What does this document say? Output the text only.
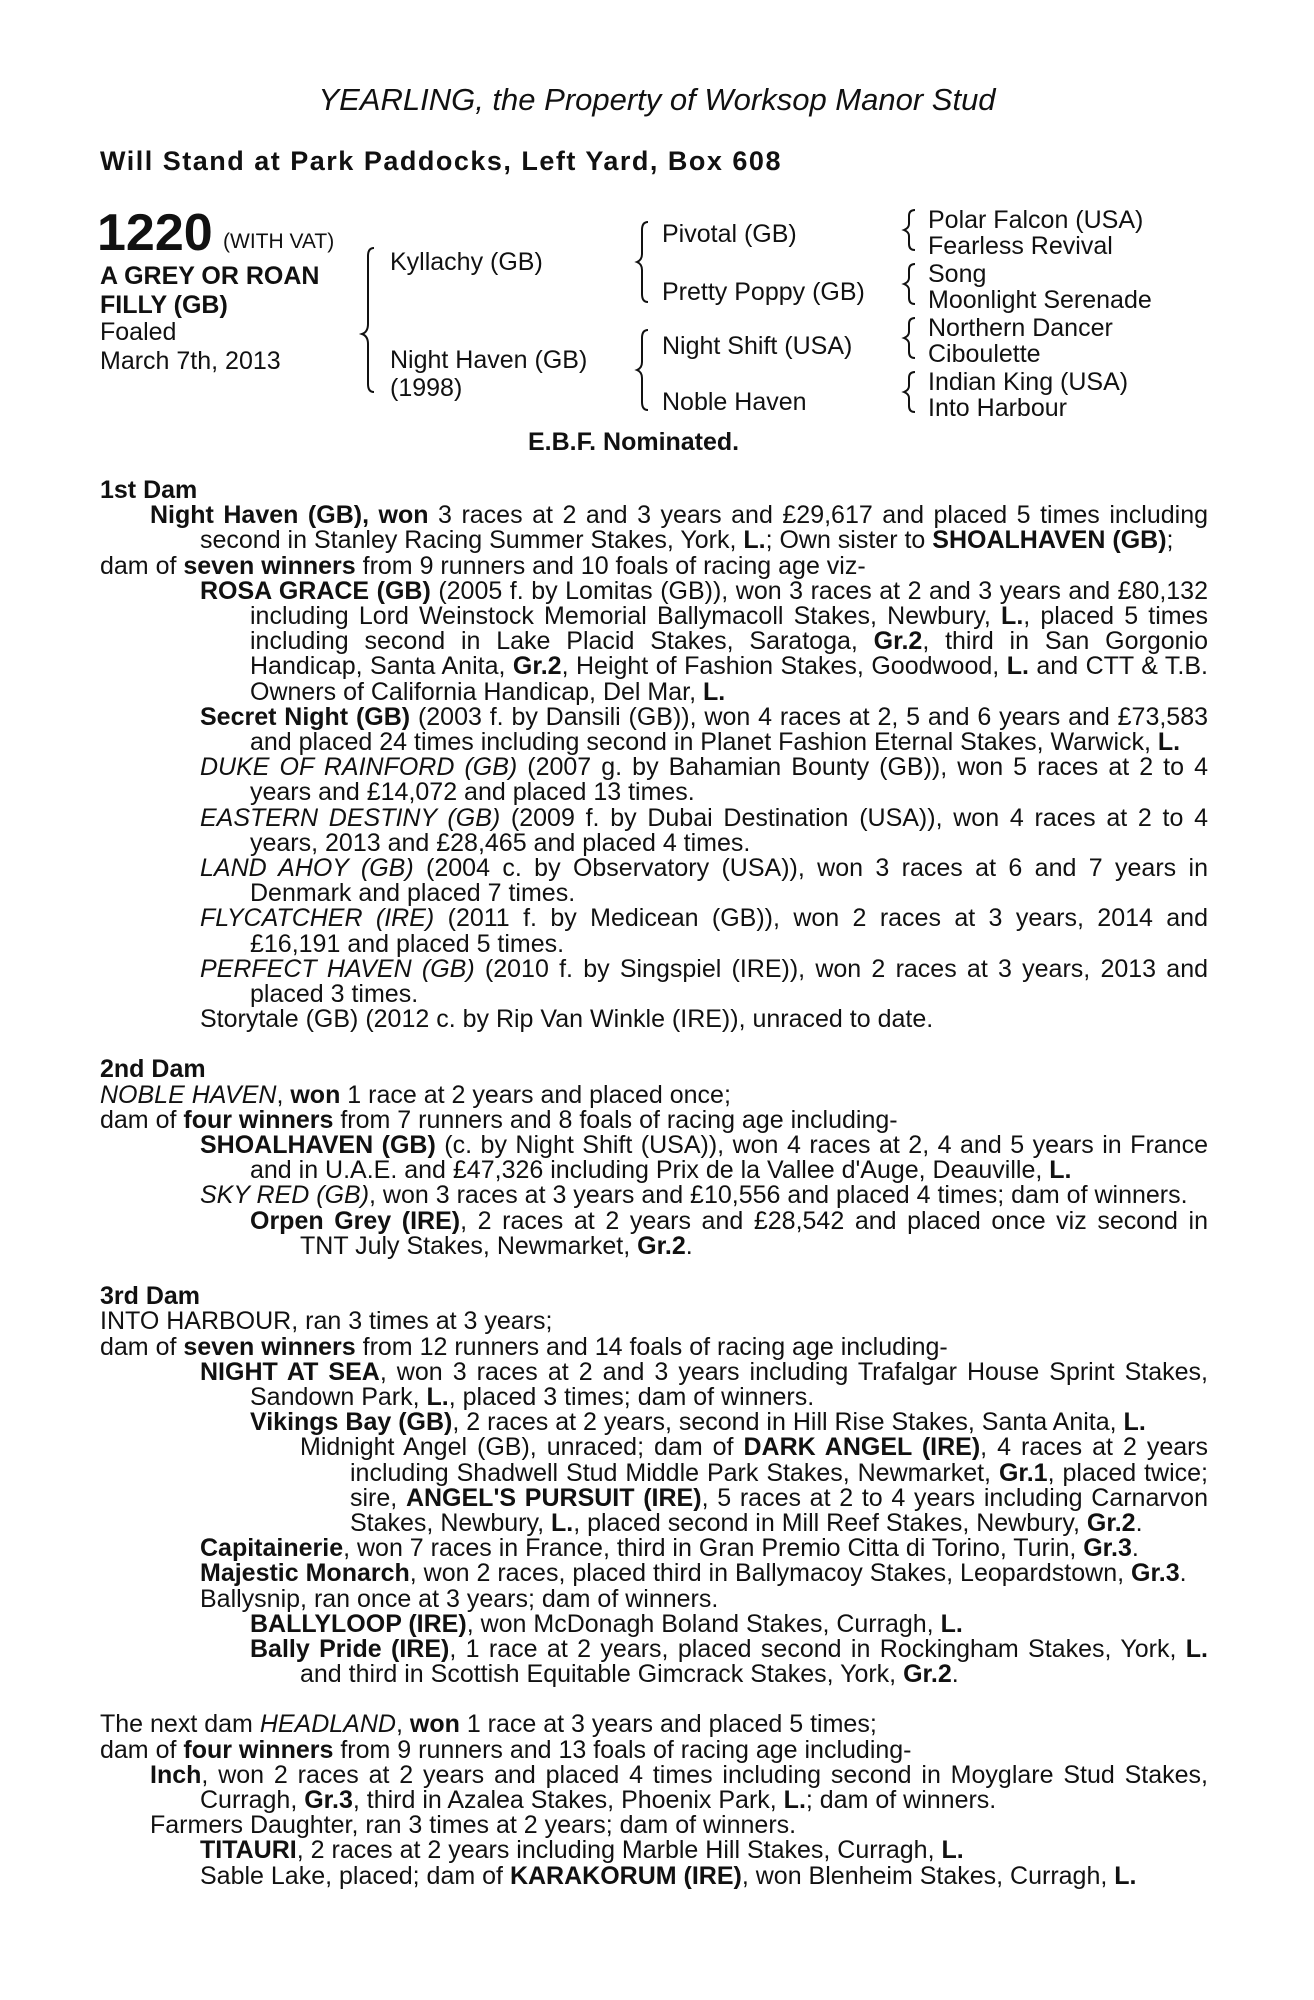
YEARLING, the Property of Worksop Manor Stud
Will Stand at Park Paddocks, Left Yard, Box 608
1220 (WITH VAT)
A GREY OR ROAN
FILLY (GB)
Foaled
March 7th, 2013
Kyllachy (GB)
Night Haven (GB)
(1998)
Pivotal (GB)
Pretty Poppy (GB)
Night Shift (USA)
Noble Haven
Polar Falcon (USA)
Fearless Revival
Song
Moonlight Serenade
Northern Dancer
Ciboulette
Indian King (USA)
Into Harbour
E.B.F. Nominated.

1st Dam

Night Haven (GB), won 3 races at 2 and 3 years and £29,617 and placed 5 times including second in Stanley Racing Summer Stakes, York, L.; Own sister to SHOALHAVEN (GB);

dam of seven winners from 9 runners and 10 foals of racing age viz-

ROSA GRACE (GB) (2005 f. by Lomitas (GB)), won 3 races at 2 and 3 years and £80,132 including Lord Weinstock Memorial Ballymacoll Stakes, Newbury, L., placed 5 times including second in Lake Placid Stakes, Saratoga, Gr.2, third in San Gorgonio Handicap, Santa Anita, Gr.2, Height of Fashion Stakes, Goodwood, L. and CTT & T.B. Owners of California Handicap, Del Mar, L.

Secret Night (GB) (2003 f. by Dansili (GB)), won 4 races at 2, 5 and 6 years and £73,583 and placed 24 times including second in Planet Fashion Eternal Stakes, Warwick, L.

DUKE OF RAINFORD (GB) (2007 g. by Bahamian Bounty (GB)), won 5 races at 2 to 4 years and £14,072 and placed 13 times.

EASTERN DESTINY (GB) (2009 f. by Dubai Destination (USA)), won 4 races at 2 to 4 years, 2013 and £28,465 and placed 4 times.

LAND AHOY (GB) (2004 c. by Observatory (USA)), won 3 races at 6 and 7 years in Denmark and placed 7 times.

FLYCATCHER (IRE) (2011 f. by Medicean (GB)), won 2 races at 3 years, 2014 and £16,191 and placed 5 times.

PERFECT HAVEN (GB) (2010 f. by Singspiel (IRE)), won 2 races at 3 years, 2013 and placed 3 times.

Storytale (GB) (2012 c. by Rip Van Winkle (IRE)), unraced to date.

2nd Dam

NOBLE HAVEN, won 1 race at 2 years and placed once;

dam of four winners from 7 runners and 8 foals of racing age including-

SHOALHAVEN (GB) (c. by Night Shift (USA)), won 4 races at 2, 4 and 5 years in France and in U.A.E. and £47,326 including Prix de la Vallee d'Auge, Deauville, L.

SKY RED (GB), won 3 races at 3 years and £10,556 and placed 4 times; dam of winners.

Orpen Grey (IRE), 2 races at 2 years and £28,542 and placed once viz second in TNT July Stakes, Newmarket, Gr.2.

3rd Dam

INTO HARBOUR, ran 3 times at 3 years;

dam of seven winners from 12 runners and 14 foals of racing age including-

NIGHT AT SEA, won 3 races at 2 and 3 years including Trafalgar House Sprint Stakes, Sandown Park, L., placed 3 times; dam of winners.

Vikings Bay (GB), 2 races at 2 years, second in Hill Rise Stakes, Santa Anita, L.

Midnight Angel (GB), unraced; dam of DARK ANGEL (IRE), 4 races at 2 years including Shadwell Stud Middle Park Stakes, Newmarket, Gr.1, placed twice; sire, ANGEL'S PURSUIT (IRE), 5 races at 2 to 4 years including Carnarvon Stakes, Newbury, L., placed second in Mill Reef Stakes, Newbury, Gr.2.

Capitainerie, won 7 races in France, third in Gran Premio Citta di Torino, Turin, Gr.3.

Majestic Monarch, won 2 races, placed third in Ballymacoy Stakes, Leopardstown, Gr.3.

Ballysnip, ran once at 3 years; dam of winners.

BALLYLOOP (IRE), won McDonagh Boland Stakes, Curragh, L.

Bally Pride (IRE), 1 race at 2 years, placed second in Rockingham Stakes, York, L. and third in Scottish Equitable Gimcrack Stakes, York, Gr.2.

The next dam HEADLAND, won 1 race at 3 years and placed 5 times;

dam of four winners from 9 runners and 13 foals of racing age including-

Inch, won 2 races at 2 years and placed 4 times including second in Moyglare Stud Stakes, Curragh, Gr.3, third in Azalea Stakes, Phoenix Park, L.; dam of winners.

Farmers Daughter, ran 3 times at 2 years; dam of winners.

TITAURI, 2 races at 2 years including Marble Hill Stakes, Curragh, L.

Sable Lake, placed; dam of KARAKORUM (IRE), won Blenheim Stakes, Curragh, L.
